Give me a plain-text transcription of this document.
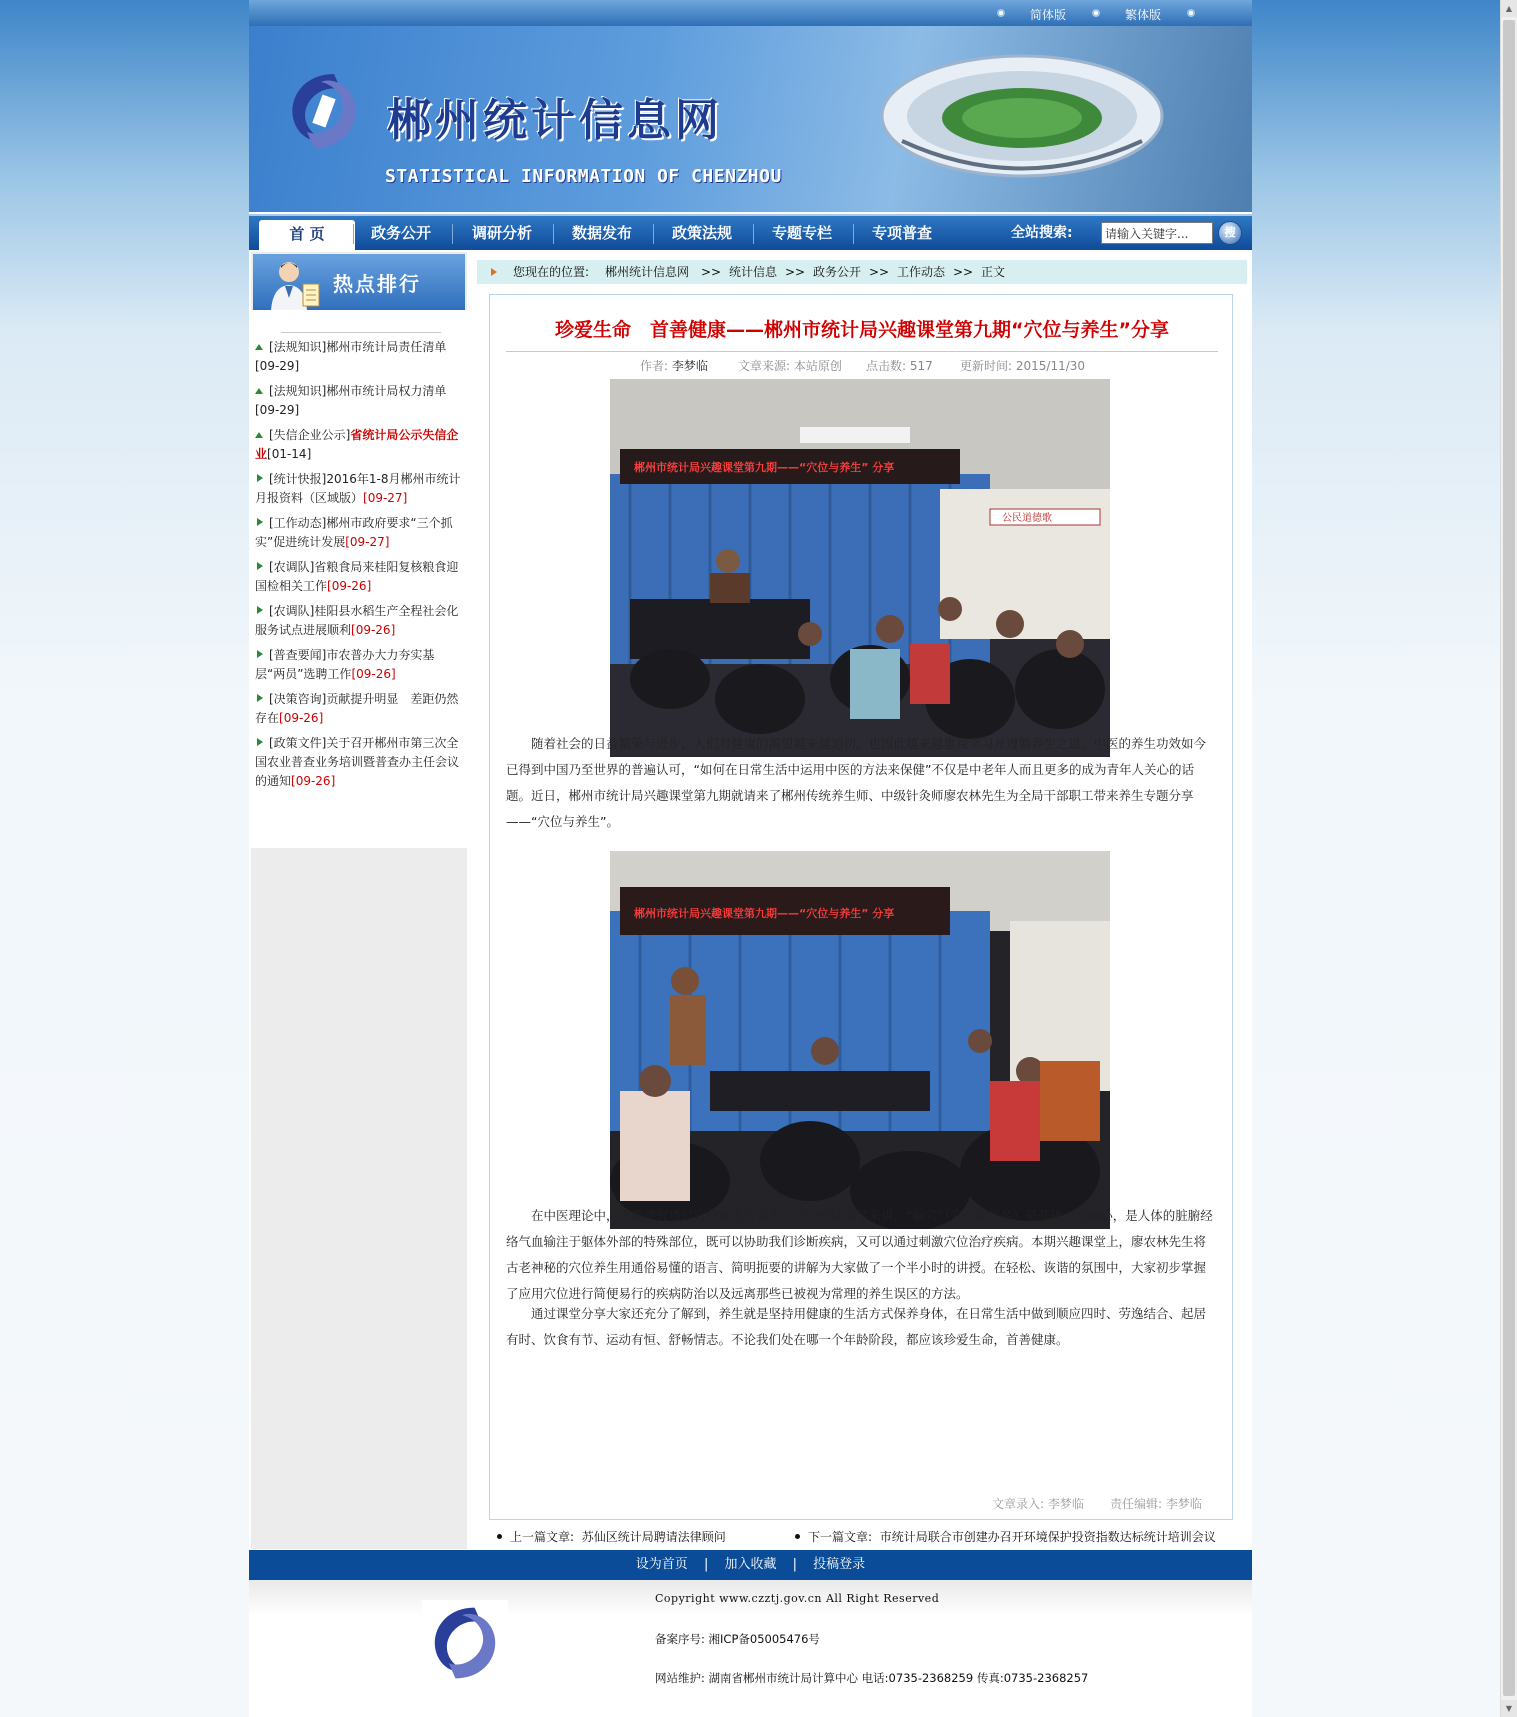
▲
▼
简体版	繁体版
郴州统计信息网
STATISTICAL INFORMATION OF CHENZHOU
首 页	政务公开	调研分析	数据发布	政策法规	专题专栏	专项普查	全站搜索:
请输入关键字...	搜
热点排行
[法规知识]郴州市统计局责任清单[09-29]
[法规知识]郴州市统计局权力清单[09-29]
[失信企业公示]省统计局公示失信企业[01-14]
[统计快报]2016年1-8月郴州市统计月报资料（区域版）[09-27]
[工作动态]郴州市政府要求“三个抓实”促进统计发展[09-27]
[农调队]省粮食局来桂阳复核粮食迎国检相关工作[09-26]
[农调队]桂阳县水稻生产全程社会化服务试点进展顺利[09-26]
[普查要闻]市农普办大力夯实基层“两员”选聘工作[09-26]
[决策咨询]贡献提升明显　差距仍然存在[09-26]
[政策文件]关于召开郴州市第三次全国农业普查业务培训暨普查办主任会议的通知[09-26]
您现在的位置: 郴州统计信息网 >> 统计信息 >> 政务公开 >> 工作动态 >> 正文
珍爱生命　首善健康——郴州市统计局兴趣课堂第九期“穴位与养生”分享
作者: 李梦临	文章来源: 本站原创 点击数: 517 更新时间: 2015/11/30
郴州市统计局兴趣课堂第九期——“穴位与养生” 分享
公民道德歌
随着社会的日益繁荣与进步，人们对健康的渴望越来越迫切，也因此越来越重视学习并遵循养生之道。中医的养生功效如今已得到中国乃至世界的普遍认可，“如何在日常生活中运用中医的方法来保健”不仅是中老年人而且更多的成为青年人关心的话题。近日，郴州市统计局兴趣课堂第九期就请来了郴州传统养生师、中级针灸师廖农林先生为全局干部职工带来养生专题分享——“穴位与养生”。
郴州市统计局兴趣课堂第九期——“穴位与养生” 分享
在中医理论中，主要讲究通过穴位来进行养生。从中医针灸学来讲，“腧穴”（穴位的学名）是基础、是核心，是人体的脏腑经络气血输注于躯体外部的特殊部位，既可以协助我们诊断疾病，又可以通过刺激穴位治疗疾病。本期兴趣课堂上，廖农林先生将古老神秘的穴位养生用通俗易懂的语言、简明扼要的讲解为大家做了一个半小时的讲授。在轻松、诙谐的氛围中，大家初步掌握了应用穴位进行简便易行的疾病防治以及远离那些已被视为常理的养生误区的方法。
通过课堂分享大家还充分了解到，养生就是坚持用健康的生活方式保养身体，在日常生活中做到顺应四时、劳逸结合、起居有时、饮食有节、运动有恒、舒畅情志。不论我们处在哪一个年龄阶段，都应该珍爱生命，首善健康。
文章录入: 李梦临 责任编辑: 李梦临
上一篇文章: 苏仙区统计局聘请法律顾问	下一篇文章: 市统计局联合市创建办召开环境保护投资指数达标统计培训会议
设为首页 | 加入收藏 | 投稿登录
Copyright www.czztj.gov.cn All Right Reserved
备案序号: 湘ICP备05005476号
网站维护: 湖南省郴州市统计局计算中心 电话:0735-2368259 传真:0735-2368257
